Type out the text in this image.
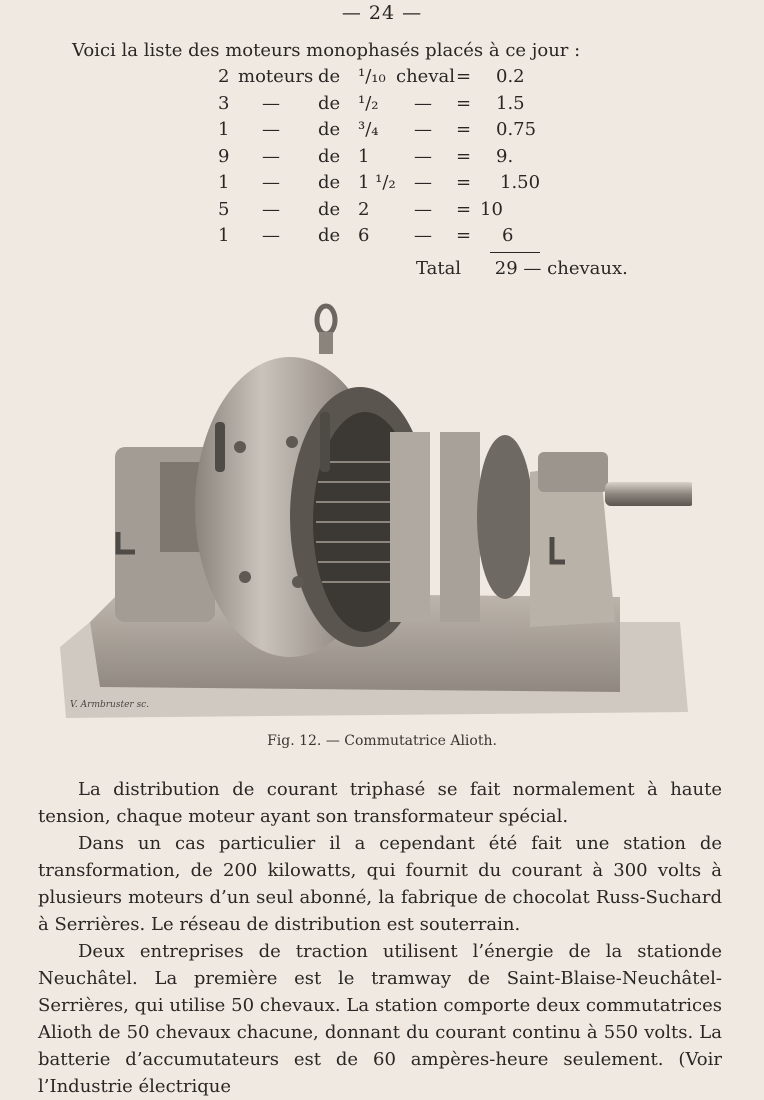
— 24 —
Voici la liste des moteurs monophasés placés à ce jour :
2 moteurs de ¹/₁₀ cheval = 0.2
3 — de ¹/₂ — = 1.5
1 — de ³/₄ — = 0.75
9 — de 1 — = 9.
1 — de 1 ¹/₂ — = 1.50
5 — de 2 — = 10
1 — de 6 — = 6
Tatal 29 — chevaux.
V. Armbruster sc.
Fig. 12. — Commutatrice Alioth.

La distribution de courant triphasé se fait normalement à haute tension, chaque moteur ayant son transformateur spécial.

Dans un cas particulier il a cependant été fait une station de transformation, de 200 kilowatts, qui fournit du courant à 300 volts à plusieurs moteurs d’un seul abonné, la fabrique de chocolat Russ-Suchard à Serrières. Le réseau de distribution est souterrain.

Deux entreprises de traction utilisent l’énergie de la stationde Neuchâtel. La première est le tramway de Saint-Blaise-Neuchâtel-Serrières, qui utilise 50 chevaux. La station comporte deux commutatrices Alioth de 50 chevaux chacune, donnant du courant continu à 550 volts. La batterie d’accumutateurs est de 60 ampères-heure seulement. (Voir l’Industrie électrique
